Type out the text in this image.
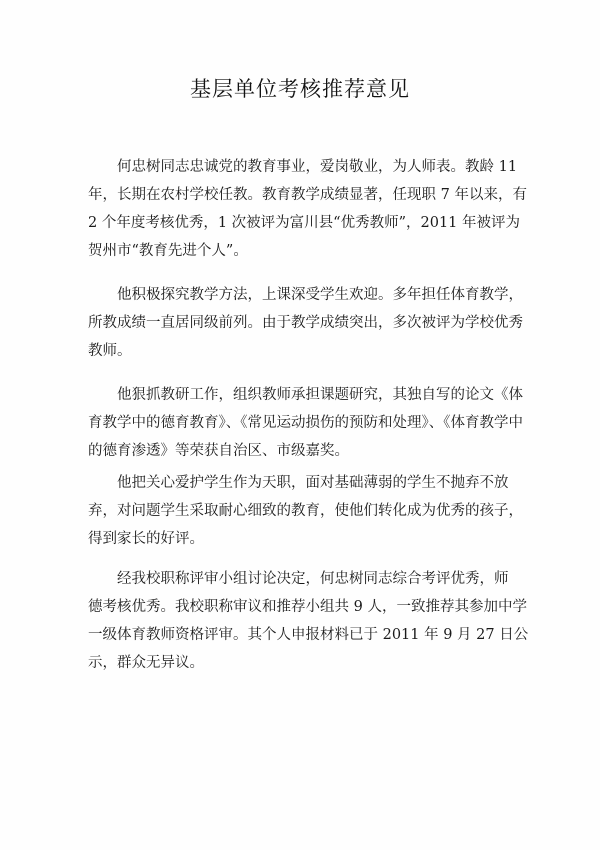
基层单位考核推荐意见

　　何忠树同志忠诚党的教育事业，爱岗敬业，为人师表。教龄 11
年，长期在农村学校任教。教育教学成绩显著，任现职 7 年以来，有
2 个年度考核优秀，1 次被评为富川县“优秀教师”，2011 年被评为
贺州市“教育先进个人”。

　　他积极探究教学方法，上课深受学生欢迎。多年担任体育教学，
所教成绩一直居同级前列。由于教学成绩突出，多次被评为学校优秀
教师。

　　他狠抓教研工作，组织教师承担课题研究，其独自写的论文《体
育教学中的德育教育》、《常见运动损伤的预防和处理》、《体育教学中
的德育渗透》等荣获自治区、市级嘉奖。

　　他把关心爱护学生作为天职，面对基础薄弱的学生不抛弃不放
弃，对问题学生采取耐心细致的教育，使他们转化成为优秀的孩子，
得到家长的好评。

　　经我校职称评审小组讨论决定，何忠树同志综合考评优秀，师
德考核优秀。我校职称审议和推荐小组共 9 人，一致推荐其参加中学
一级体育教师资格评审。其个人申报材料已于 2011 年 9 月 27 日公
示，群众无异议。
